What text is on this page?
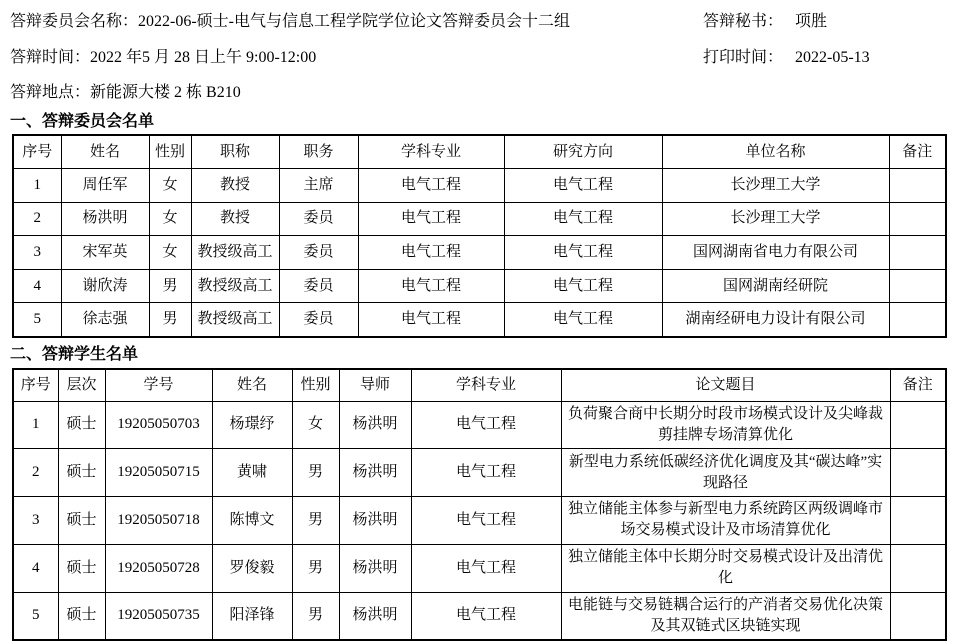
答辩委员会名称：2022-06-硕士-电气与信息工程学院学位论文答辩委员会十二组	答辩秘书： 项胜
答辩时间：2022 年5 月 28 日上午 9:00-12:00	打印时间： 2022-05-13
答辩地点：新能源大楼 2 栋 B210
一、答辩委员会名单
序号	姓名	性别	职称	职务	学科专业	研究方向	单位名称	备注
1	周任军	女	教授	主席	电气工程	电气工程	长沙理工大学	
2	杨洪明	女	教授	委员	电气工程	电气工程	长沙理工大学	
3	宋军英	女	教授级高工	委员	电气工程	电气工程	国网湖南省电力有限公司	
4	谢欣涛	男	教授级高工	委员	电气工程	电气工程	国网湖南经研院	
5	徐志强	男	教授级高工	委员	电气工程	电气工程	湖南经研电力设计有限公司	
二、答辩学生名单
序号	层次	学号	姓名	性别	导师	学科专业	论文题目	备注
1	硕士	19205050703	杨璟纾	女	杨洪明	电气工程	负荷聚合商中长期分时段市场模式设计及尖峰裁剪挂牌专场清算优化	
2	硕士	19205050715	黄啸	男	杨洪明	电气工程	新型电力系统低碳经济优化调度及其“碳达峰”实现路径	
3	硕士	19205050718	陈博文	男	杨洪明	电气工程	独立储能主体参与新型电力系统跨区两级调峰市场交易模式设计及市场清算优化	
4	硕士	19205050728	罗俊毅	男	杨洪明	电气工程	独立储能主体中长期分时交易模式设计及出清优化	
5	硕士	19205050735	阳泽锋	男	杨洪明	电气工程	电能链与交易链耦合运行的产消者交易优化决策及其双链式区块链实现	
